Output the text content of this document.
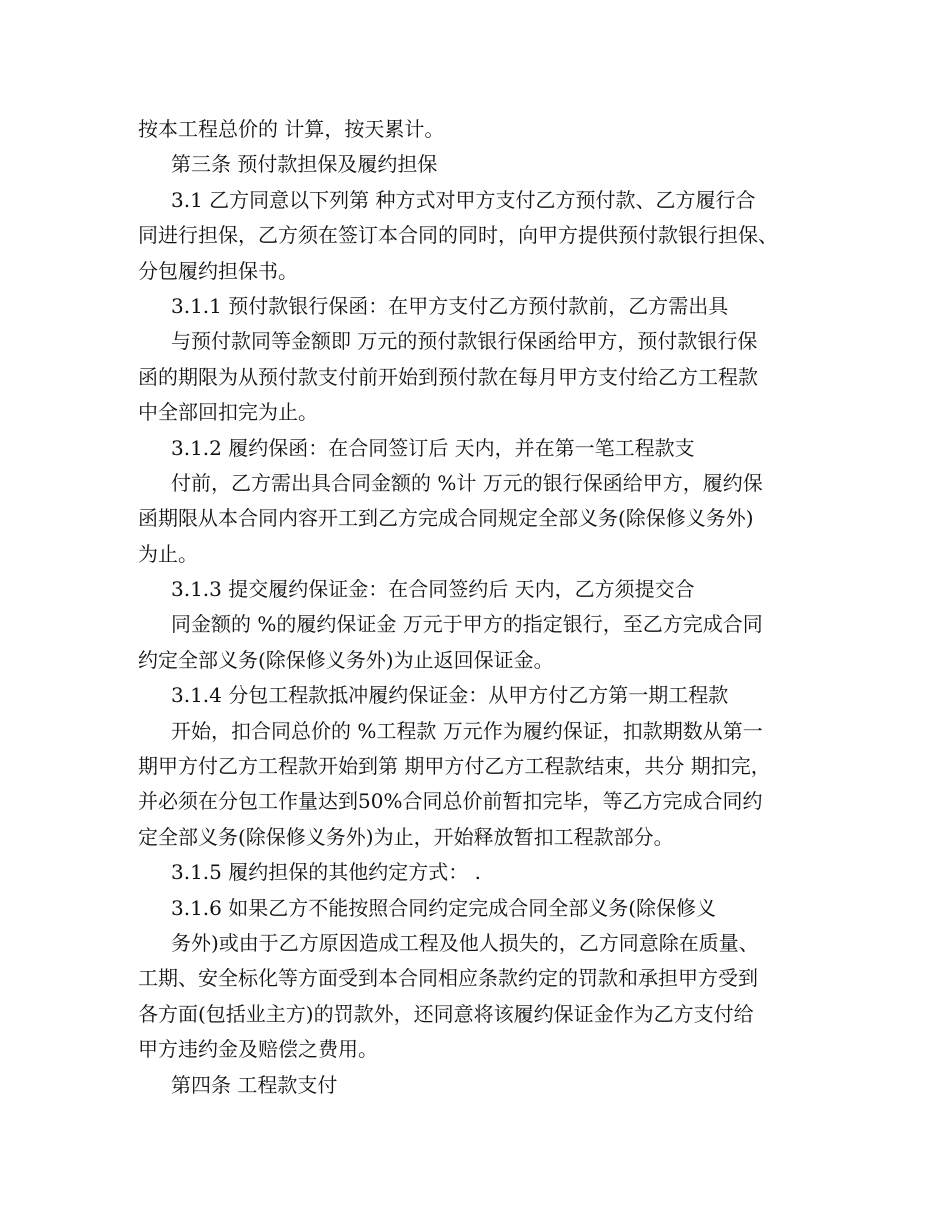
按本工程总价的 计算，按天累计。
第三条 预付款担保及履约担保
3.1 乙方同意以下列第 种方式对甲方支付乙方预付款、乙方履行合
同进行担保，乙方须在签订本合同的同时，向甲方提供预付款银行担保、
分包履约担保书。
3.1.1 预付款银行保函：在甲方支付乙方预付款前，乙方需出具
与预付款同等金额即 万元的预付款银行保函给甲方，预付款银行保
函的期限为从预付款支付前开始到预付款在每月甲方支付给乙方工程款
中全部回扣完为止。
3.1.2 履约保函：在合同签订后 天内，并在第一笔工程款支
付前，乙方需出具合同金额的 %计 万元的银行保函给甲方，履约保
函期限从本合同内容开工到乙方完成合同规定全部义务(除保修义务外)
为止。
3.1.3 提交履约保证金：在合同签约后 天内，乙方须提交合
同金额的 %的履约保证金 万元于甲方的指定银行，至乙方完成合同
约定全部义务(除保修义务外)为止返回保证金。
3.1.4 分包工程款抵冲履约保证金：从甲方付乙方第一期工程款
开始，扣合同总价的 %工程款 万元作为履约保证，扣款期数从第一
期甲方付乙方工程款开始到第 期甲方付乙方工程款结束，共分 期扣完，
并必须在分包工作量达到50%合同总价前暂扣完毕，等乙方完成合同约
定全部义务(除保修义务外)为止，开始释放暂扣工程款部分。
3.1.5 履约担保的其他约定方式： .
3.1.6 如果乙方不能按照合同约定完成合同全部义务(除保修义
务外)或由于乙方原因造成工程及他人损失的，乙方同意除在质量、
工期、安全标化等方面受到本合同相应条款约定的罚款和承担甲方受到
各方面(包括业主方)的罚款外，还同意将该履约保证金作为乙方支付给
甲方违约金及赔偿之费用。
第四条 工程款支付
